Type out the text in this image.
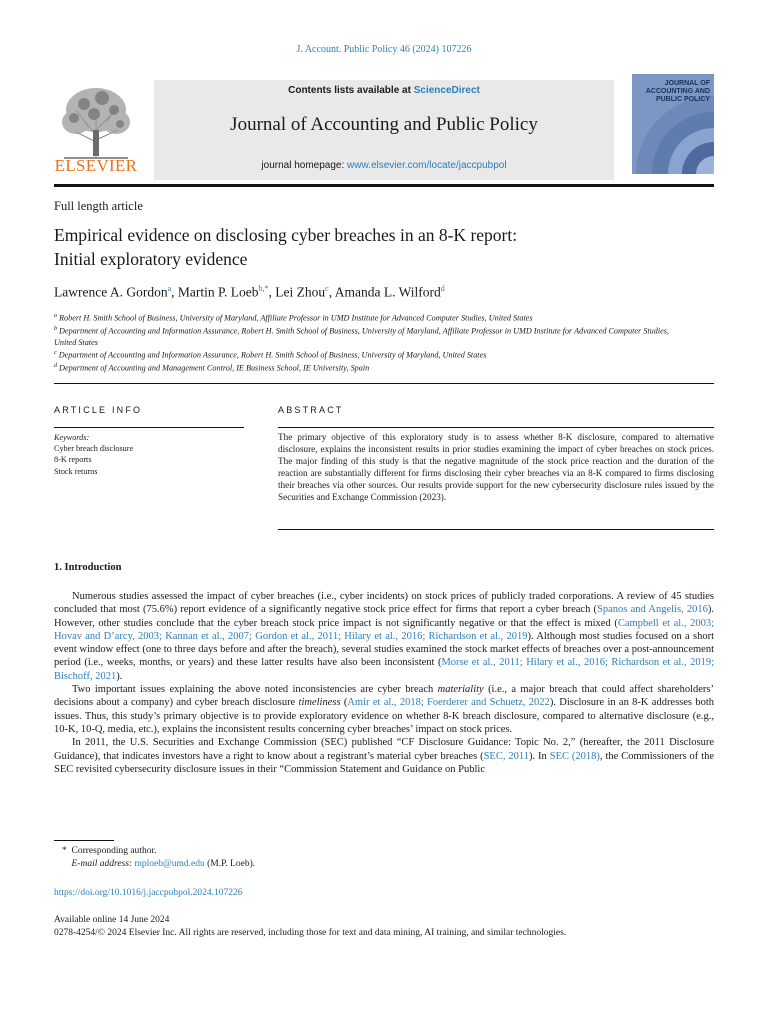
J. Account. Public Policy 46 (2024) 107226
ELSEVIER
Contents lists available at ScienceDirect
Journal of Accounting and Public Policy
journal homepage: www.elsevier.com/locate/jaccpubpol
JOURNAL OF ACCOUNTING AND PUBLIC POLICY
Full length article
Empirical evidence on disclosing cyber breaches in an 8-K report:
Initial exploratory evidence
Lawrence A. Gordon$^a$, Martin P. Loeb$^{b,*}$, Lei Zhou$^c$, Amanda L. Wilford$^d$

$^a$ Robert H. Smith School of Business, University of Maryland, Affiliate Professor in UMD Institute for Advanced Computer Studies, United States

$^b$ Department of Accounting and Information Assurance, Robert H. Smith School of Business, University of Maryland, Affiliate Professor in UMD Institute for Advanced Computer Studies, United States

$^c$ Department of Accounting and Information Assurance, Robert H. Smith School of Business, University of Maryland, United States

$^d$ Department of Accounting and Management Control, IE Business School, IE University, Spain

ARTICLE INFO	ABSTRACT
Keywords:
Cyber breach disclosure
8-K reports
Stock returns
The primary objective of this exploratory study is to assess whether 8-K disclosure, compared to alternative disclosure, explains the inconsistent results in prior studies examining the impact of cyber breaches on stock prices. The major finding of this study is that the negative magnitude of the stock price reaction and the duration of the reaction are substantially different for firms disclosing their cyber breaches via an 8-K compared to firms disclosing their breaches via other sources. Our results provide support for the new cybersecurity disclosure rules issued by the Securities and Exchange Commission (2023).
1. Introduction

Numerous studies assessed the impact of cyber breaches (i.e., cyber incidents) on stock prices of publicly traded corporations. A review of 45 studies concluded that most (75.6%) report evidence of a significantly negative stock price effect for firms that report a cyber breach (Spanos and Angelis, 2016). However, other studies conclude that the cyber breach stock price impact is not significantly negative or that the effect is mixed (Campbell et al., 2003; Hovav and D’arcy, 2003; Kannan et al., 2007; Gordon et al., 2011; Hilary et al., 2016; Richardson et al., 2019). Although most studies focused on a short event window effect (one to three days before and after the breach), several studies examined the stock market effects of breaches over a post-announcement period (i.e., weeks, months, or years) and these latter results have also been inconsistent (Morse et al., 2011; Hilary et al., 2016; Richardson et al., 2019; Bischoff, 2021).

Two important issues explaining the above noted inconsistencies are cyber breach materiality (i.e., a major breach that could affect shareholders’ decisions about a company) and cyber breach disclosure timeliness (Amir et al., 2018; Foerderer and Schuetz, 2022). Disclosure in an 8-K addresses both issues. Thus, this study’s primary objective is to provide exploratory evidence on whether 8-K breach disclosure, compared to alternative disclosure (e.g., 10-K, 10-Q, media, etc.), explains the inconsistent results concerning cyber breaches’ impact on stock prices.

In 2011, the U.S. Securities and Exchange Commission (SEC) published “CF Disclosure Guidance: Topic No. 2,” (hereafter, the 2011 Disclosure Guidance), that indicates investors have a right to know about a registrant’s material cyber breaches (SEC, 2011). In SEC (2018), the Commissioners of the SEC revisited cybersecurity disclosure issues in their “Commission Statement and Guidance on Public

* Corresponding author.
E-mail address: mploeb@umd.edu (M.P. Loeb).
https://doi.org/10.1016/j.jaccpubpol.2024.107226
Available online 14 June 2024
0278-4254/© 2024 Elsevier Inc. All rights are reserved, including those for text and data mining, AI training, and similar technologies.
